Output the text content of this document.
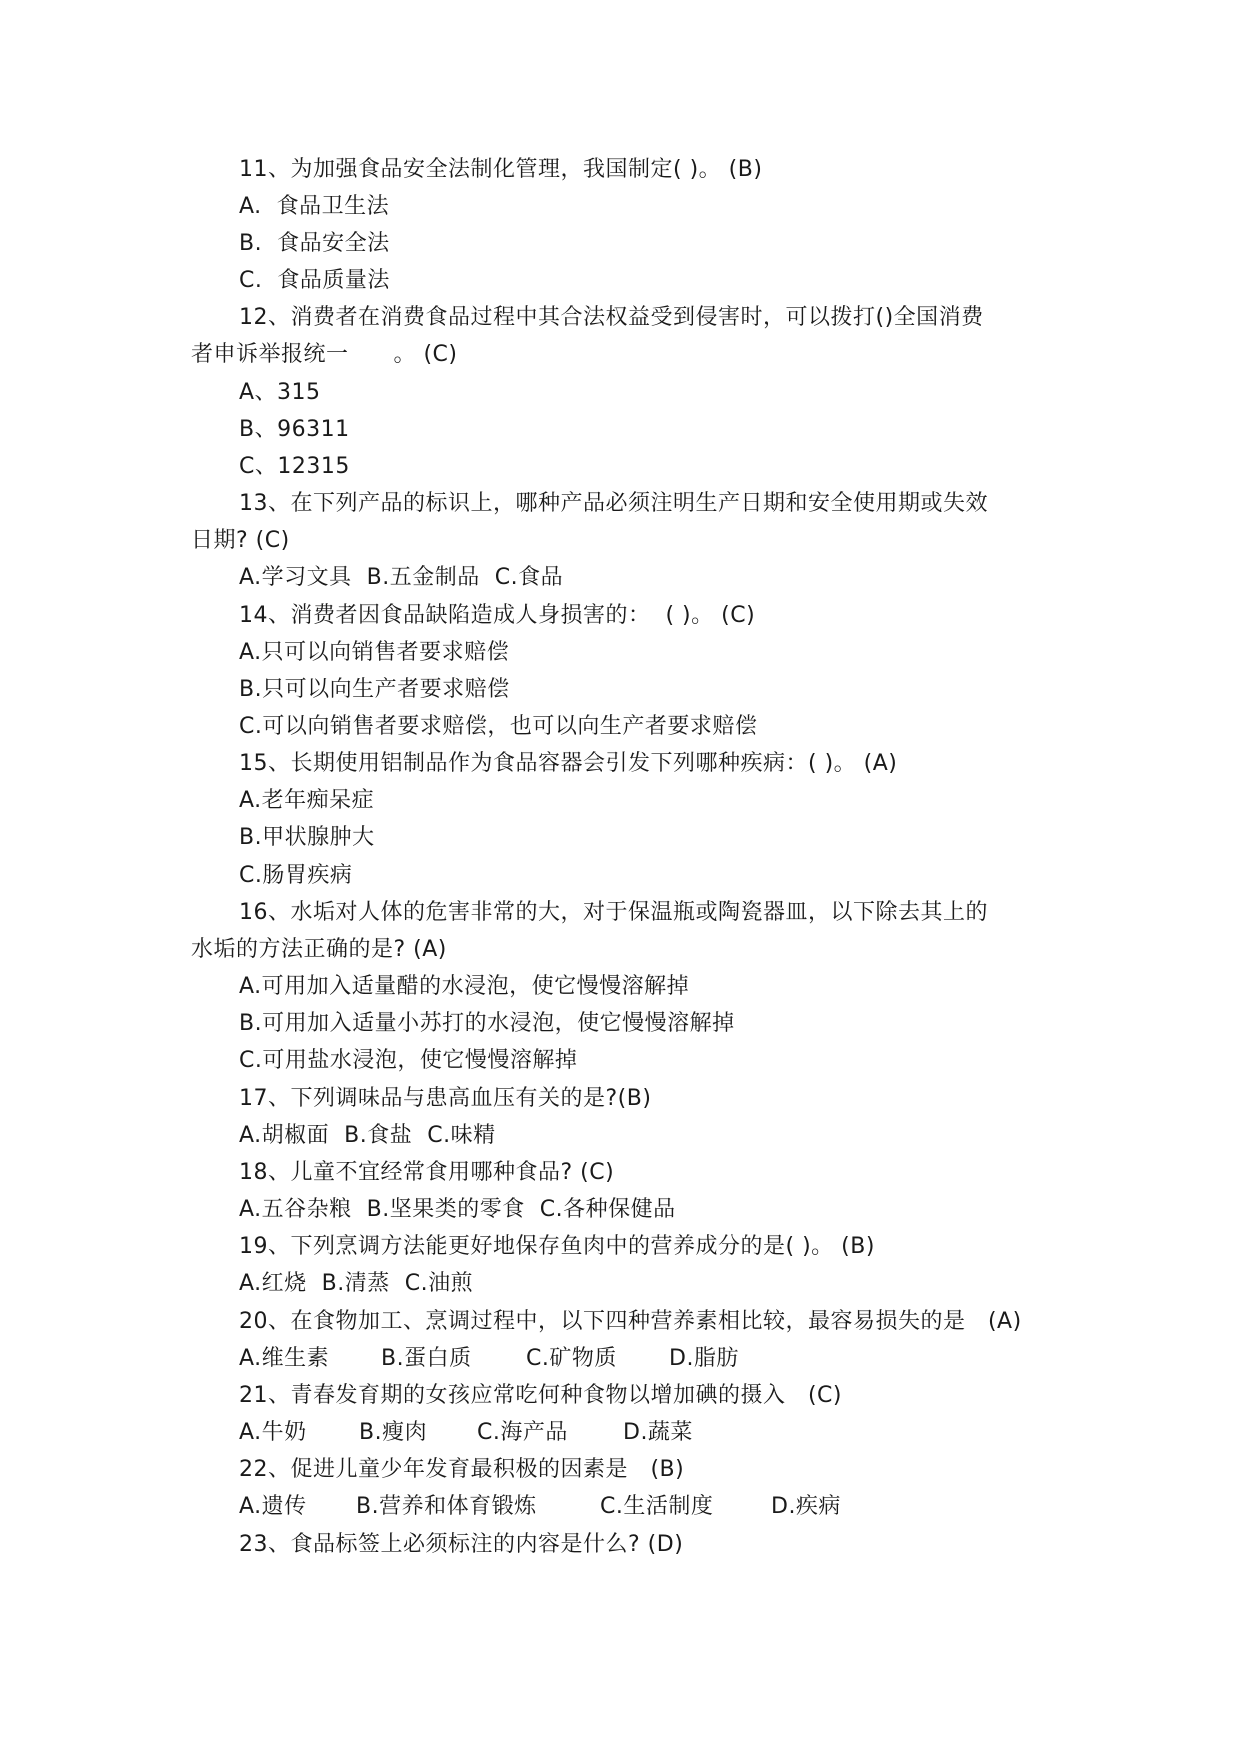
11、为加强食品安全法制化管理，我国制定( )。 (B)
A.  食品卫生法
B.  食品安全法
C.  食品质量法
12、消费者在消费食品过程中其合法权益受到侵害时，可以拨打()全国消费
者申诉举报统一      。 (C)
A、315
B、96311
C、12315
13、在下列产品的标识上，哪种产品必须注明生产日期和安全使用期或失效
日期? (C)
A.学习文具  B.五金制品  C.食品
14、消费者因食品缺陷造成人身损害的：  ( )。 (C)
A.只可以向销售者要求赔偿
B.只可以向生产者要求赔偿
C.可以向销售者要求赔偿，也可以向生产者要求赔偿
15、长期使用铝制品作为食品容器会引发下列哪种疾病：( )。 (A)
A.老年痴呆症
B.甲状腺肿大
C.肠胃疾病
16、水垢对人体的危害非常的大，对于保温瓶或陶瓷器皿，以下除去其上的
水垢的方法正确的是? (A)
A.可用加入适量醋的水浸泡，使它慢慢溶解掉
B.可用加入适量小苏打的水浸泡，使它慢慢溶解掉
C.可用盐水浸泡，使它慢慢溶解掉
17、下列调味品与患高血压有关的是?(B)
A.胡椒面  B.食盐  C.味精
18、儿童不宜经常食用哪种食品? (C)
A.五谷杂粮  B.坚果类的零食  C.各种保健品
19、下列烹调方法能更好地保存鱼肉中的营养成分的是( )。 (B)
A.红烧  B.清蒸  C.油煎
20、在食物加工、烹调过程中，以下四种营养素相比较，最容易损失的是   (A)
A.维生素 B.蛋白质 C.矿物质 D.脂肪
21、青春发育期的女孩应常吃何种食物以增加碘的摄入   (C)
A.牛奶 B.瘦肉 C.海产品	D.蔬菜
22、促进儿童少年发育最积极的因素是   (B)
A.遗传 B.营养和体育锻炼	C.生活制度	D.疾病
23、食品标签上必须标注的内容是什么? (D)
